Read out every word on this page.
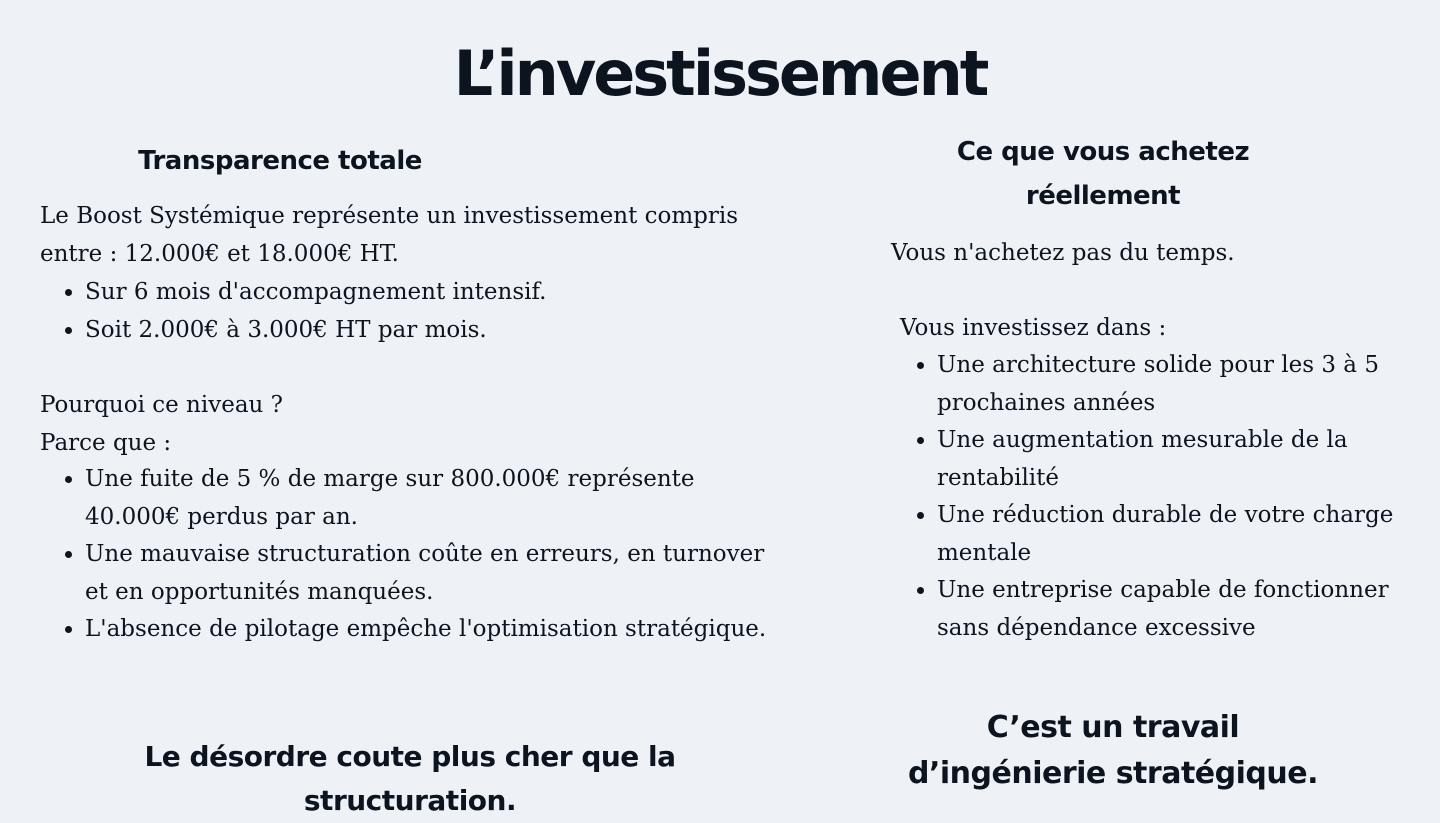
L’investissement
Transparence totale

Le Boost Systémique représente un investissement compris entre : 12.000€ et 18.000€ HT.

• Sur 6 mois d'accompagnement intensif.
• Soit 2.000€ à 3.000€ HT par mois.
Pourquoi ce niveau ?
Parce que :
• Une fuite de 5 % de marge sur 800.000€ représente 40.000€ perdus par an.
• Une mauvaise structuration coûte en erreurs, en turnover et en opportunités manquées.
• L'absence de pilotage empêche l'optimisation stratégique.

Le désordre coute plus cher que la structuration.

Ce que vous achetez réellement

Vous n'achetez pas du temps.

Vous investissez dans :

• Une architecture solide pour les 3 à 5 prochaines années
• Une augmentation mesurable de la rentabilité
• Une réduction durable de votre charge mentale
• Une entreprise capable de fonctionner sans dépendance excessive

C’est un travail d’ingénierie stratégique.
